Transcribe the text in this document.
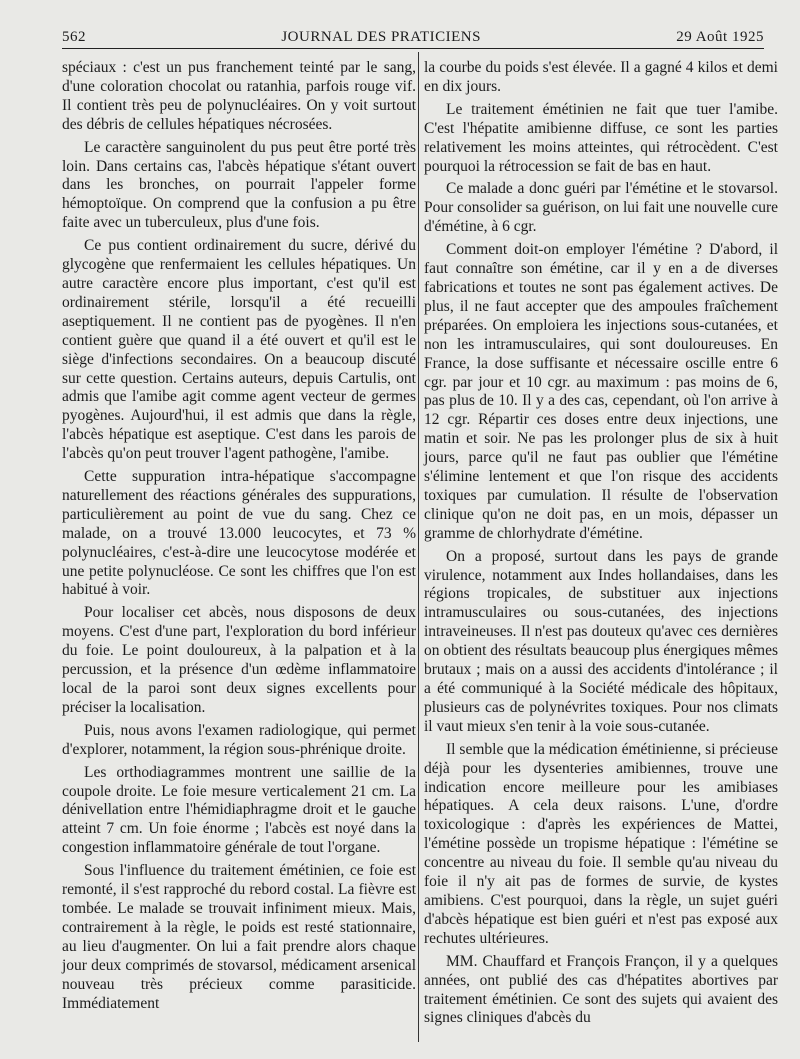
562	JOURNAL DES PRATICIENS	29 Août 1925

spéciaux : c'est un pus franchement teinté par le sang, d'une coloration chocolat ou ratanhia, parfois rouge vif. Il contient très peu de polynucléaires. On y voit surtout des débris de cellules hépatiques nécrosées.

Le caractère sanguinolent du pus peut être porté très loin. Dans certains cas, l'abcès hépatique s'étant ouvert dans les bronches, on pourrait l'appeler forme hémoptoïque. On comprend que la confusion a pu être faite avec un tuberculeux, plus d'une fois.

Ce pus contient ordinairement du sucre, dérivé du glycogène que renfermaient les cellules hépatiques. Un autre caractère encore plus important, c'est qu'il est ordinairement stérile, lorsqu'il a été recueilli aseptiquement. Il ne contient pas de pyogènes. Il n'en contient guère que quand il a été ouvert et qu'il est le siège d'infections secondaires. On a beaucoup discuté sur cette question. Certains auteurs, depuis Cartulis, ont admis que l'amibe agit comme agent vecteur de germes pyogènes. Aujourd'hui, il est admis que dans la règle, l'abcès hépatique est aseptique. C'est dans les parois de l'abcès qu'on peut trouver l'agent pathogène, l'amibe.

Cette suppuration intra-hépatique s'accompagne naturellement des réactions générales des suppurations, particulièrement au point de vue du sang. Chez ce malade, on a trouvé 13.000 leucocytes, et 73 % polynucléaires, c'est-à-dire une leucocytose modérée et une petite polynucléose. Ce sont les chiffres que l'on est habitué à voir.

Pour localiser cet abcès, nous disposons de deux moyens. C'est d'une part, l'exploration du bord inférieur du foie. Le point douloureux, à la palpation et à la percussion, et la présence d'un œdème inflammatoire local de la paroi sont deux signes excellents pour préciser la localisation.

Puis, nous avons l'examen radiologique, qui permet d'explorer, notamment, la région sous-phrénique droite.

Les orthodiagrammes montrent une saillie de la coupole droite. Le foie mesure verticalement 21 cm. La dénivellation entre l'hémidiaphragme droit et le gauche atteint 7 cm. Un foie énorme ; l'abcès est noyé dans la congestion inflammatoire générale de tout l'organe.

Sous l'influence du traitement émétinien, ce foie est remonté, il s'est rapproché du rebord costal. La fièvre est tombée. Le malade se trouvait infiniment mieux. Mais, contrairement à la règle, le poids est resté stationnaire, au lieu d'augmenter. On lui a fait prendre alors chaque jour deux comprimés de stovarsol, médicament arsenical nouveau très précieux comme parasiticide. Immédiatement

la courbe du poids s'est élevée. Il a gagné 4 kilos et demi en dix jours.

Le traitement émétinien ne fait que tuer l'amibe. C'est l'hépatite amibienne diffuse, ce sont les parties relativement les moins atteintes, qui rétrocèdent. C'est pourquoi la rétrocession se fait de bas en haut.

Ce malade a donc guéri par l'émétine et le stovarsol. Pour consolider sa guérison, on lui fait une nouvelle cure d'émétine, à 6 cgr.

Comment doit-on employer l'émétine ? D'abord, il faut connaître son émétine, car il y en a de diverses fabrications et toutes ne sont pas également actives. De plus, il ne faut accepter que des ampoules fraîchement préparées. On emploiera les injections sous-cutanées, et non les intramusculaires, qui sont douloureuses. En France, la dose suffisante et nécessaire oscille entre 6 cgr. par jour et 10 cgr. au maximum : pas moins de 6, pas plus de 10. Il y a des cas, cependant, où l'on arrive à 12 cgr. Répartir ces doses entre deux injections, une matin et soir. Ne pas les prolonger plus de six à huit jours, parce qu'il ne faut pas oublier que l'émétine s'élimine lentement et que l'on risque des accidents toxiques par cumulation. Il résulte de l'observation clinique qu'on ne doit pas, en un mois, dépasser un gramme de chlorhydrate d'émétine.

On a proposé, surtout dans les pays de grande virulence, notamment aux Indes hollandaises, dans les régions tropicales, de substituer aux injections intramusculaires ou sous-cutanées, des injections intraveineuses. Il n'est pas douteux qu'avec ces dernières on obtient des résultats beaucoup plus énergiques mêmes brutaux ; mais on a aussi des accidents d'intolérance ; il a été communiqué à la Société médicale des hôpitaux, plusieurs cas de polynévrites toxiques. Pour nos climats il vaut mieux s'en tenir à la voie sous-cutanée.

Il semble que la médication émétinienne, si précieuse déjà pour les dysenteries amibiennes, trouve une indication encore meilleure pour les amibiases hépatiques. A cela deux raisons. L'une, d'ordre toxicologique : d'après les expériences de Mattei, l'émétine possède un tropisme hépatique : l'émétine se concentre au niveau du foie. Il semble qu'au niveau du foie il n'y ait pas de formes de survie, de kystes amibiens. C'est pourquoi, dans la règle, un sujet guéri d'abcès hépatique est bien guéri et n'est pas exposé aux rechutes ultérieures.

MM. Chauffard et François Françon, il y a quelques années, ont publié des cas d'hépatites abortives par traitement émétinien. Ce sont des sujets qui avaient des signes cliniques d'abcès du
